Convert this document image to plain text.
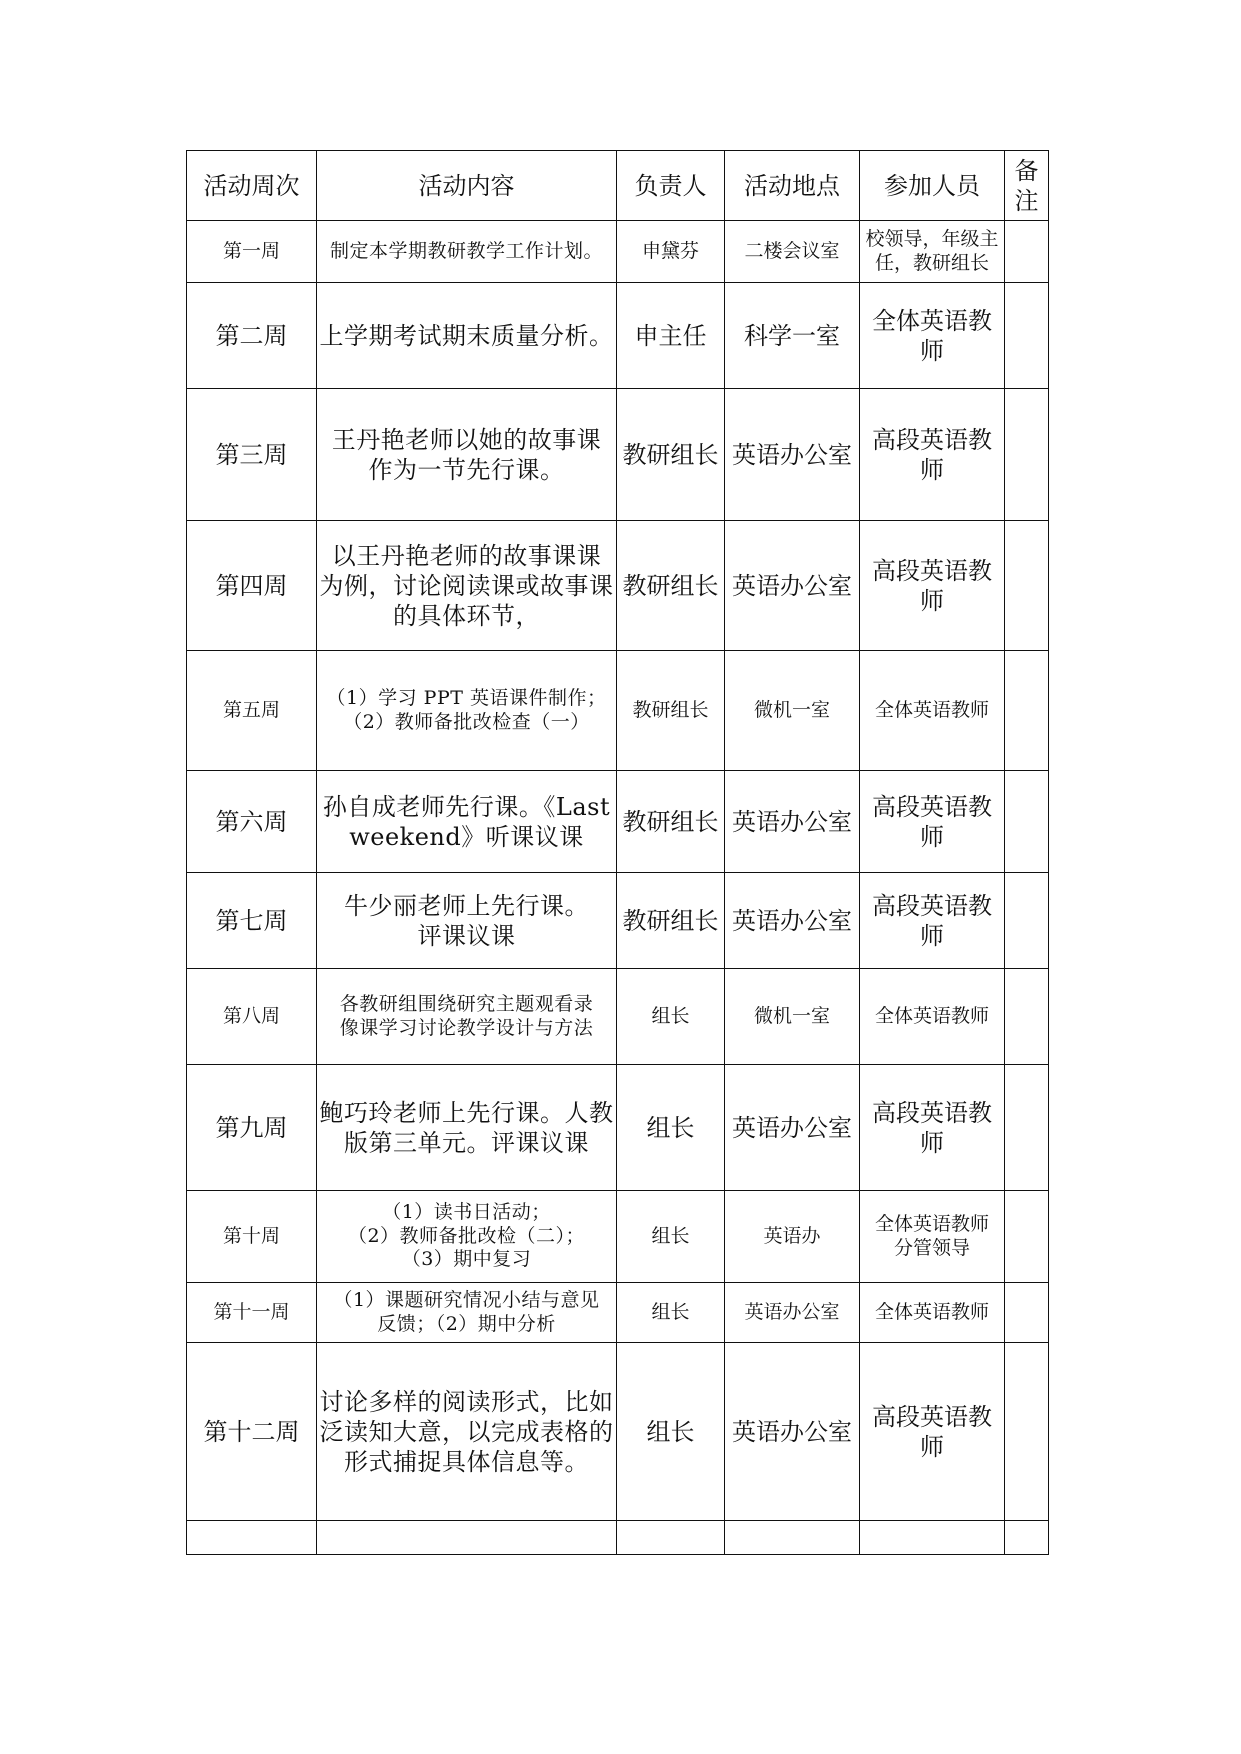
活动周次	活动内容	负责人	活动地点	参加人员	备注
第一周	制定本学期教研教学工作计划。	申黛芬	二楼会议室	校领导，年级主
任，教研组长	

第二周	上学期考试期末质量分析。	申主任	科学一室	全体英语教
师	

第三周	王丹艳老师以她的故事课
作为一节先行课。	教研组长	英语办公室	高段英语教
师	

第四周	以王丹艳老师的故事课课
为例，讨论阅读课或故事课
的具体环节，	教研组长	英语办公室	高段英语教
师	

第五周	（1）学习 PPT 英语课件制作；
（2）教师备批改检查（一）	教研组长	微机一室	全体英语教师	

第六周	孙自成老师先行课。《Last
weekend》听课议课	教研组长	英语办公室	高段英语教
师	

第七周	牛少丽老师上先行课。
评课议课	教研组长	英语办公室	高段英语教
师	

第八周	各教研组围绕研究主题观看录
像课学习讨论教学设计与方法	组长	微机一室	全体英语教师	

第九周	鲍巧玲老师上先行课。人教
版第三单元。评课议课	组长	英语办公室	高段英语教
师	

第十周	（1）读书日活动；
（2）教师备批改检（二）；
（3）期中复习	组长	英语办	全体英语教师
分管领导	

第十一周	（1）课题研究情况小结与意见
反馈；（2）期中分析	组长	英语办公室	全体英语教师	

第十二周	讨论多样的阅读形式，比如
泛读知大意，以完成表格的
形式捕捉具体信息等。	组长	英语办公室	高段英语教
师	
